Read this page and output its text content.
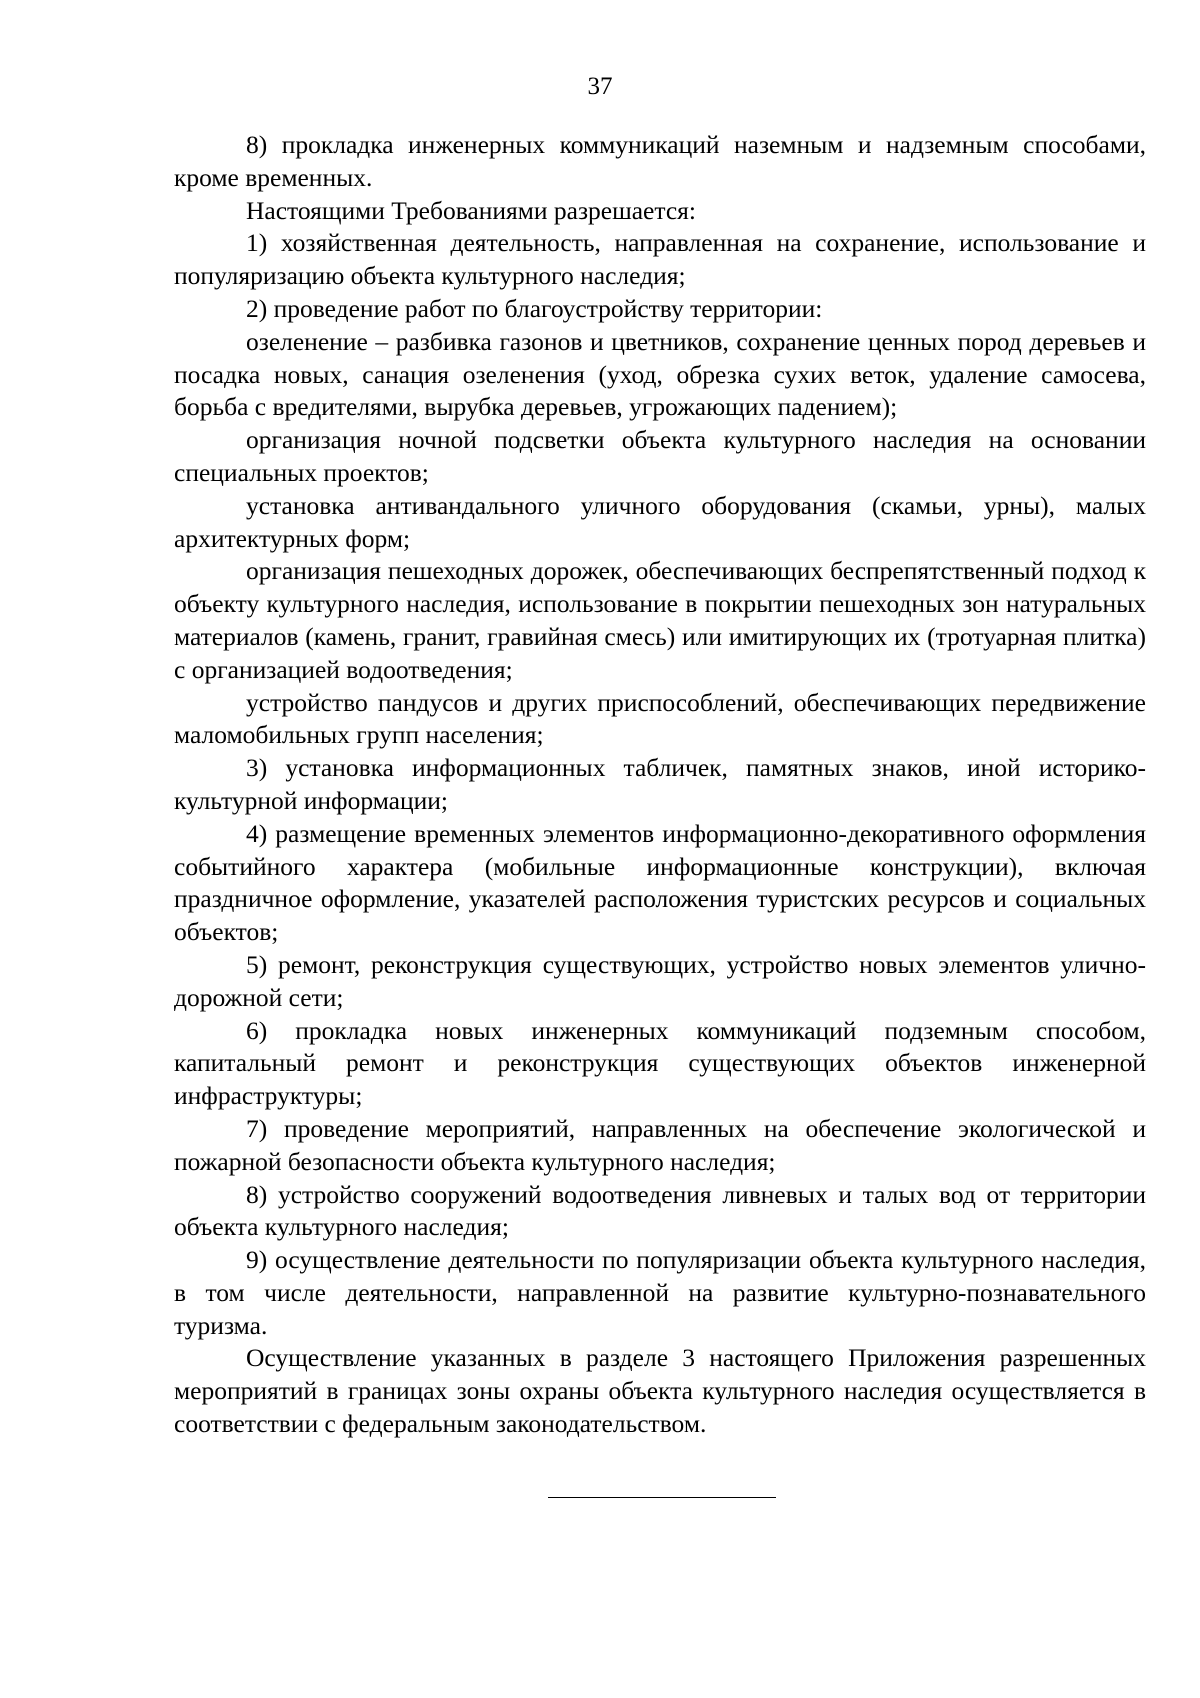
37

8) прокладка инженерных коммуникаций наземным и надземным способами, кроме временных.

Настоящими Требованиями разрешается:

1) хозяйственная деятельность, направленная на сохранение, использование и популяризацию объекта культурного наследия;

2) проведение работ по благоустройству территории:

озеленение – разбивка газонов и цветников, сохранение ценных пород деревьев и посадка новых, санация озеленения (уход, обрезка сухих веток, удаление самосева, борьба с вредителями, вырубка деревьев, угрожающих падением);

организация ночной подсветки объекта культурного наследия на основании специальных проектов;

установка антивандального уличного оборудования (скамьи, урны), малых архитектурных форм;

организация пешеходных дорожек, обеспечивающих беспрепятственный подход к объекту культурного наследия, использование в покрытии пешеходных зон натуральных материалов (камень, гранит, гравийная смесь) или имитирующих их (тротуарная плитка) с организацией водоотведения;

устройство пандусов и других приспособлений, обеспечивающих передвижение маломобильных групп населения;

3) установка информационных табличек, памятных знаков, иной историко-культурной информации;

4) размещение временных элементов информационно-декоративного оформления событийного характера (мобильные информационные конструкции), включая праздничное оформление, указателей расположения туристских ресурсов и социальных объектов;

5) ремонт, реконструкция существующих, устройство новых элементов улично-дорожной сети;

6) прокладка новых инженерных коммуникаций подземным способом, капитальный ремонт и реконструкция существующих объектов инженерной инфраструктуры;

7) проведение мероприятий, направленных на обеспечение экологической и пожарной безопасности объекта культурного наследия;

8) устройство сооружений водоотведения ливневых и талых вод от территории объекта культурного наследия;

9) осуществление деятельности по популяризации объекта культурного наследия, в том числе деятельности, направленной на развитие культурно-познавательного туризма.

Осуществление указанных в разделе 3 настоящего Приложения разрешенных мероприятий в границах зоны охраны объекта культурного наследия осуществляется в соответствии с федеральным законодательством.
